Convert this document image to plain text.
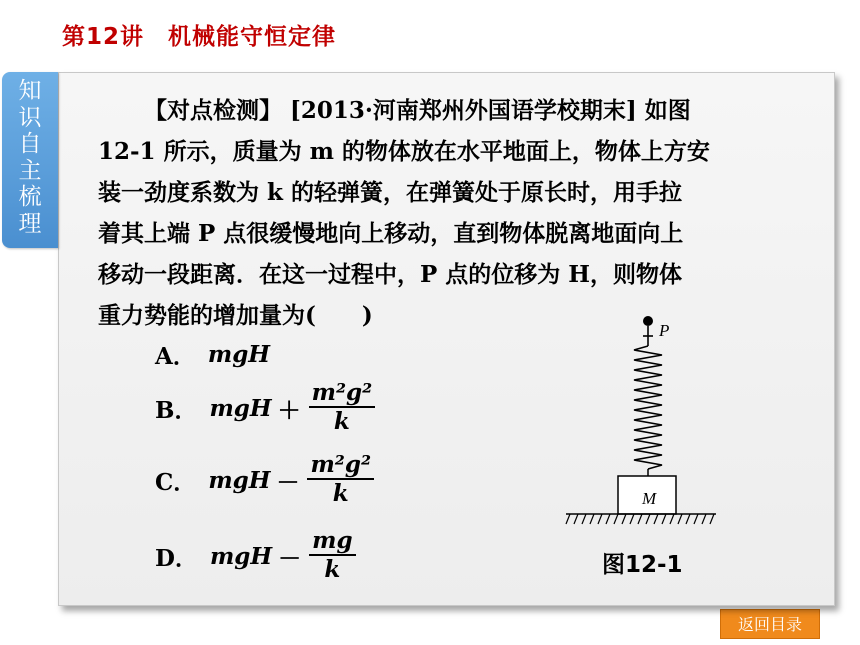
第12讲　机械能守恒定律
知识自主梳理
【对点检测】 [2013·河南郑州外国语学校期末] 如图
12-1 所示，质量为 m 的物体放在水平地面上，物体上方安
装一劲度系数为 k 的轻弹簧，在弹簧处于原长时，用手拉
着其上端 P 点很缓慢地向上移动，直到物体脱离地面向上
移动一段距离．在这一过程中，P 点的位移为 H，则物体
重力势能的增加量为(　　)
A． mgH
B． mgH ＋ $\frac{\text{m²g²}}{k}$
C． mgH － $\frac{\text{m²g²}}{k}$
D． mgH － $\frac{mg}{k}$
P
M
图12-1
返回目录
